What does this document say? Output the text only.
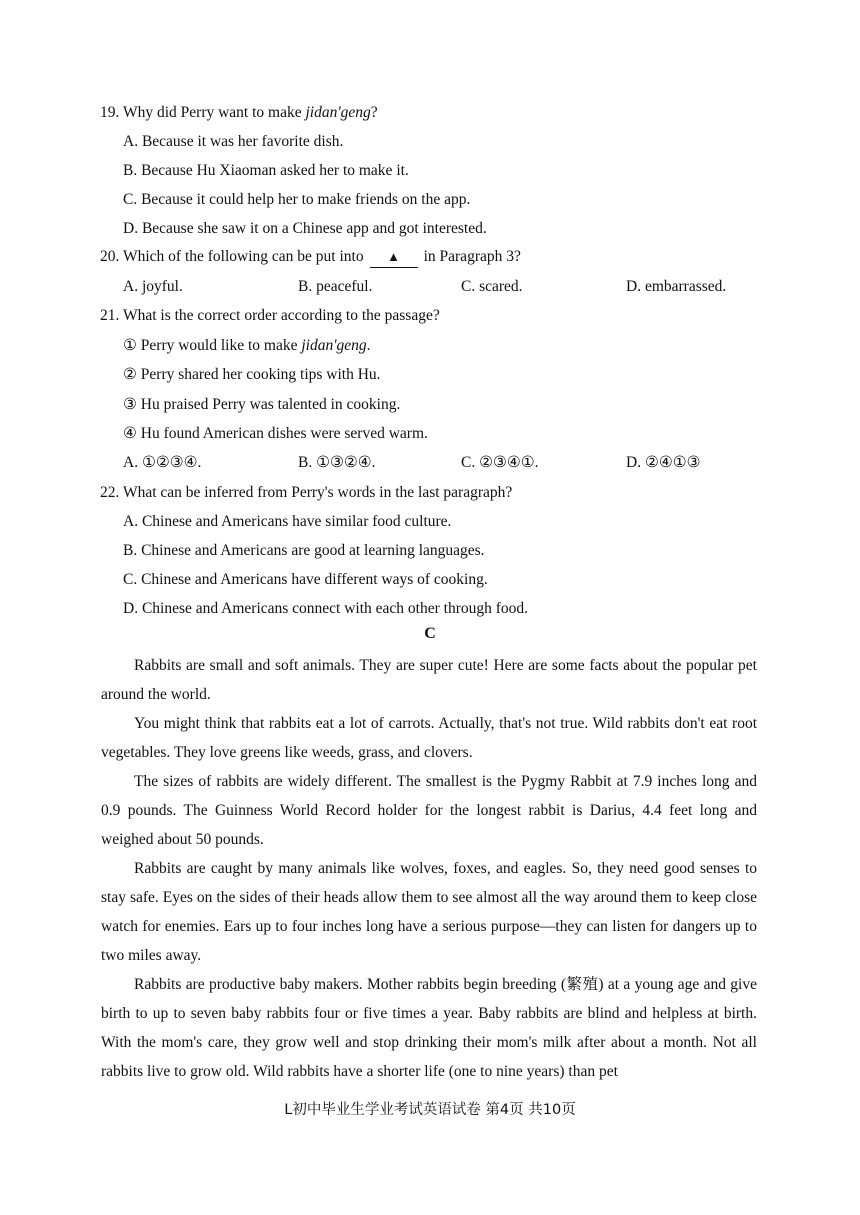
19. Why did Perry want to make jidan'geng?
A. Because it was her favorite dish.
B. Because Hu Xiaoman asked her to make it.
C. Because it could help her to make friends on the app.
D. Because she saw it on a Chinese app and got interested.
20. Which of the following can be put into ▲ in Paragraph 3?
A. joyful.	B. peaceful.	C. scared.	D. embarrassed.
21. What is the correct order according to the passage?
① Perry would like to make jidan'geng.
② Perry shared her cooking tips with Hu.
③ Hu praised Perry was talented in cooking.
④ Hu found American dishes were served warm.
A. ①②③④.	B. ①③②④.	C. ②③④①.	D. ②④①③
22. What can be inferred from Perry's words in the last paragraph?
A. Chinese and Americans have similar food culture.
B. Chinese and Americans are good at learning languages.
C. Chinese and Americans have different ways of cooking.
D. Chinese and Americans connect with each other through food.
C

Rabbits are small and soft animals. They are super cute! Here are some facts about the popular pet around the world.

You might think that rabbits eat a lot of carrots. Actually, that's not true. Wild rabbits don't eat root vegetables. They love greens like weeds, grass, and clovers.

The sizes of rabbits are widely different. The smallest is the Pygmy Rabbit at 7.9 inches long and 0.9 pounds. The Guinness World Record holder for the longest rabbit is Darius, 4.4 feet long and weighed about 50 pounds.

Rabbits are caught by many animals like wolves, foxes, and eagles. So, they need good senses to stay safe. Eyes on the sides of their heads allow them to see almost all the way around them to keep close watch for enemies. Ears up to four inches long have a serious purpose—they can listen for dangers up to two miles away.

Rabbits are productive baby makers. Mother rabbits begin breeding (繁殖) at a young age and give birth to up to seven baby rabbits four or five times a year. Baby rabbits are blind and helpless at birth. With the mom's care, they grow well and stop drinking their mom's milk after about a month. Not all rabbits live to grow old. Wild rabbits have a shorter life (one to nine years) than pet

L初中毕业生学业考试英语试卷 第4页 共10页
